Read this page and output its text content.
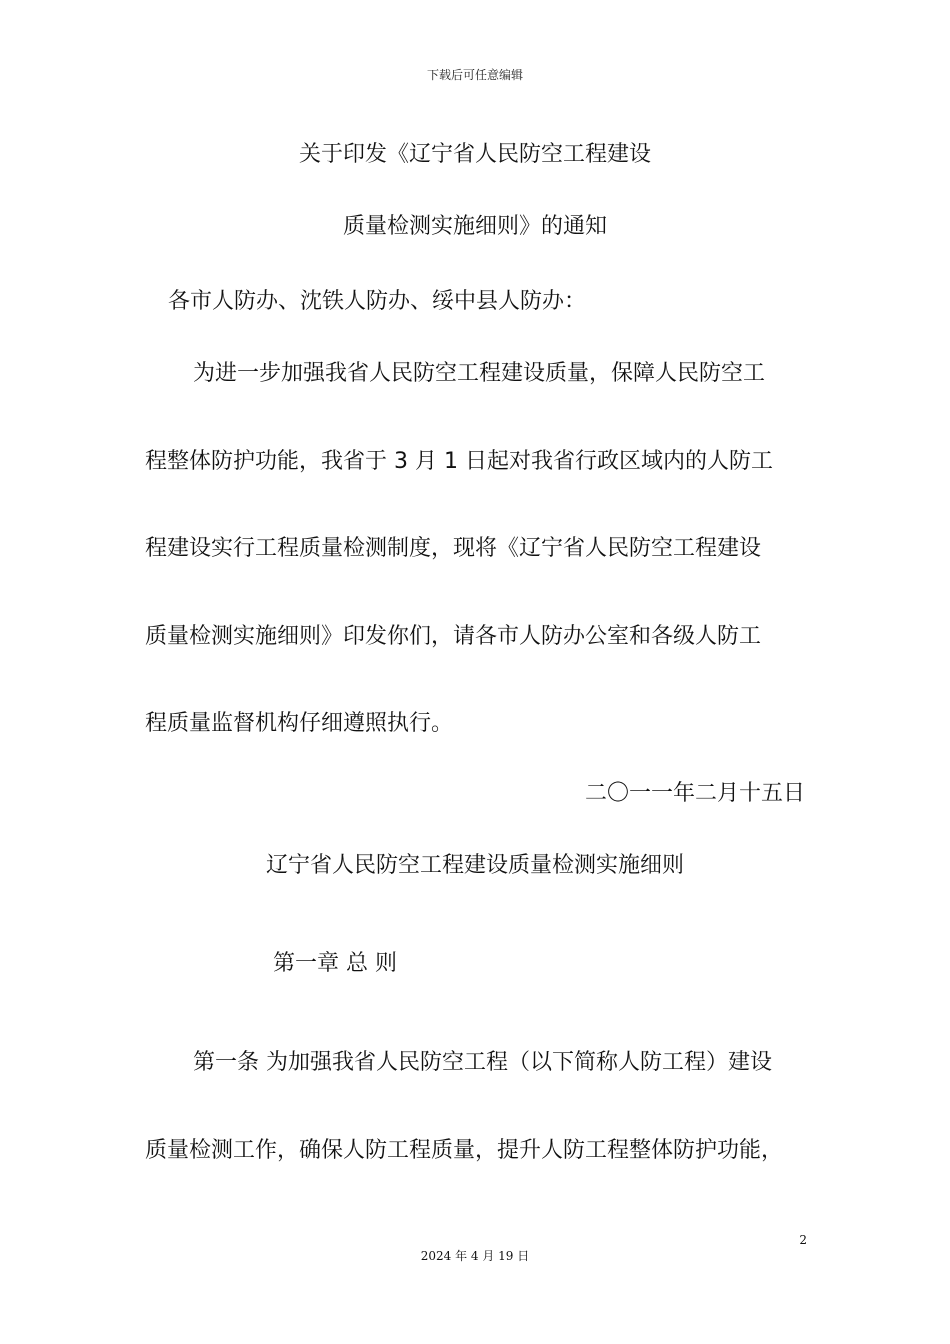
下载后可任意编辑
关于印发《辽宁省人民防空工程建设
质量检测实施细则》的通知
各市人防办、沈铁人防办、绥中县人防办：
为进一步加强我省人民防空工程建设质量，保障人民防空工
程整体防护功能，我省于 3 月 1 日起对我省行政区域内的人防工
程建设实行工程质量检测制度，现将《辽宁省人民防空工程建设
质量检测实施细则》印发你们，请各市人防办公室和各级人防工
程质量监督机构仔细遵照执行。
二〇一一年二月十五日
辽宁省人民防空工程建设质量检测实施细则
第一章 总 则
第一条 为加强我省人民防空工程（以下简称人防工程）建设
质量检测工作，确保人防工程质量，提升人防工程整体防护功能，
2
2024 年 4 月 19 日
